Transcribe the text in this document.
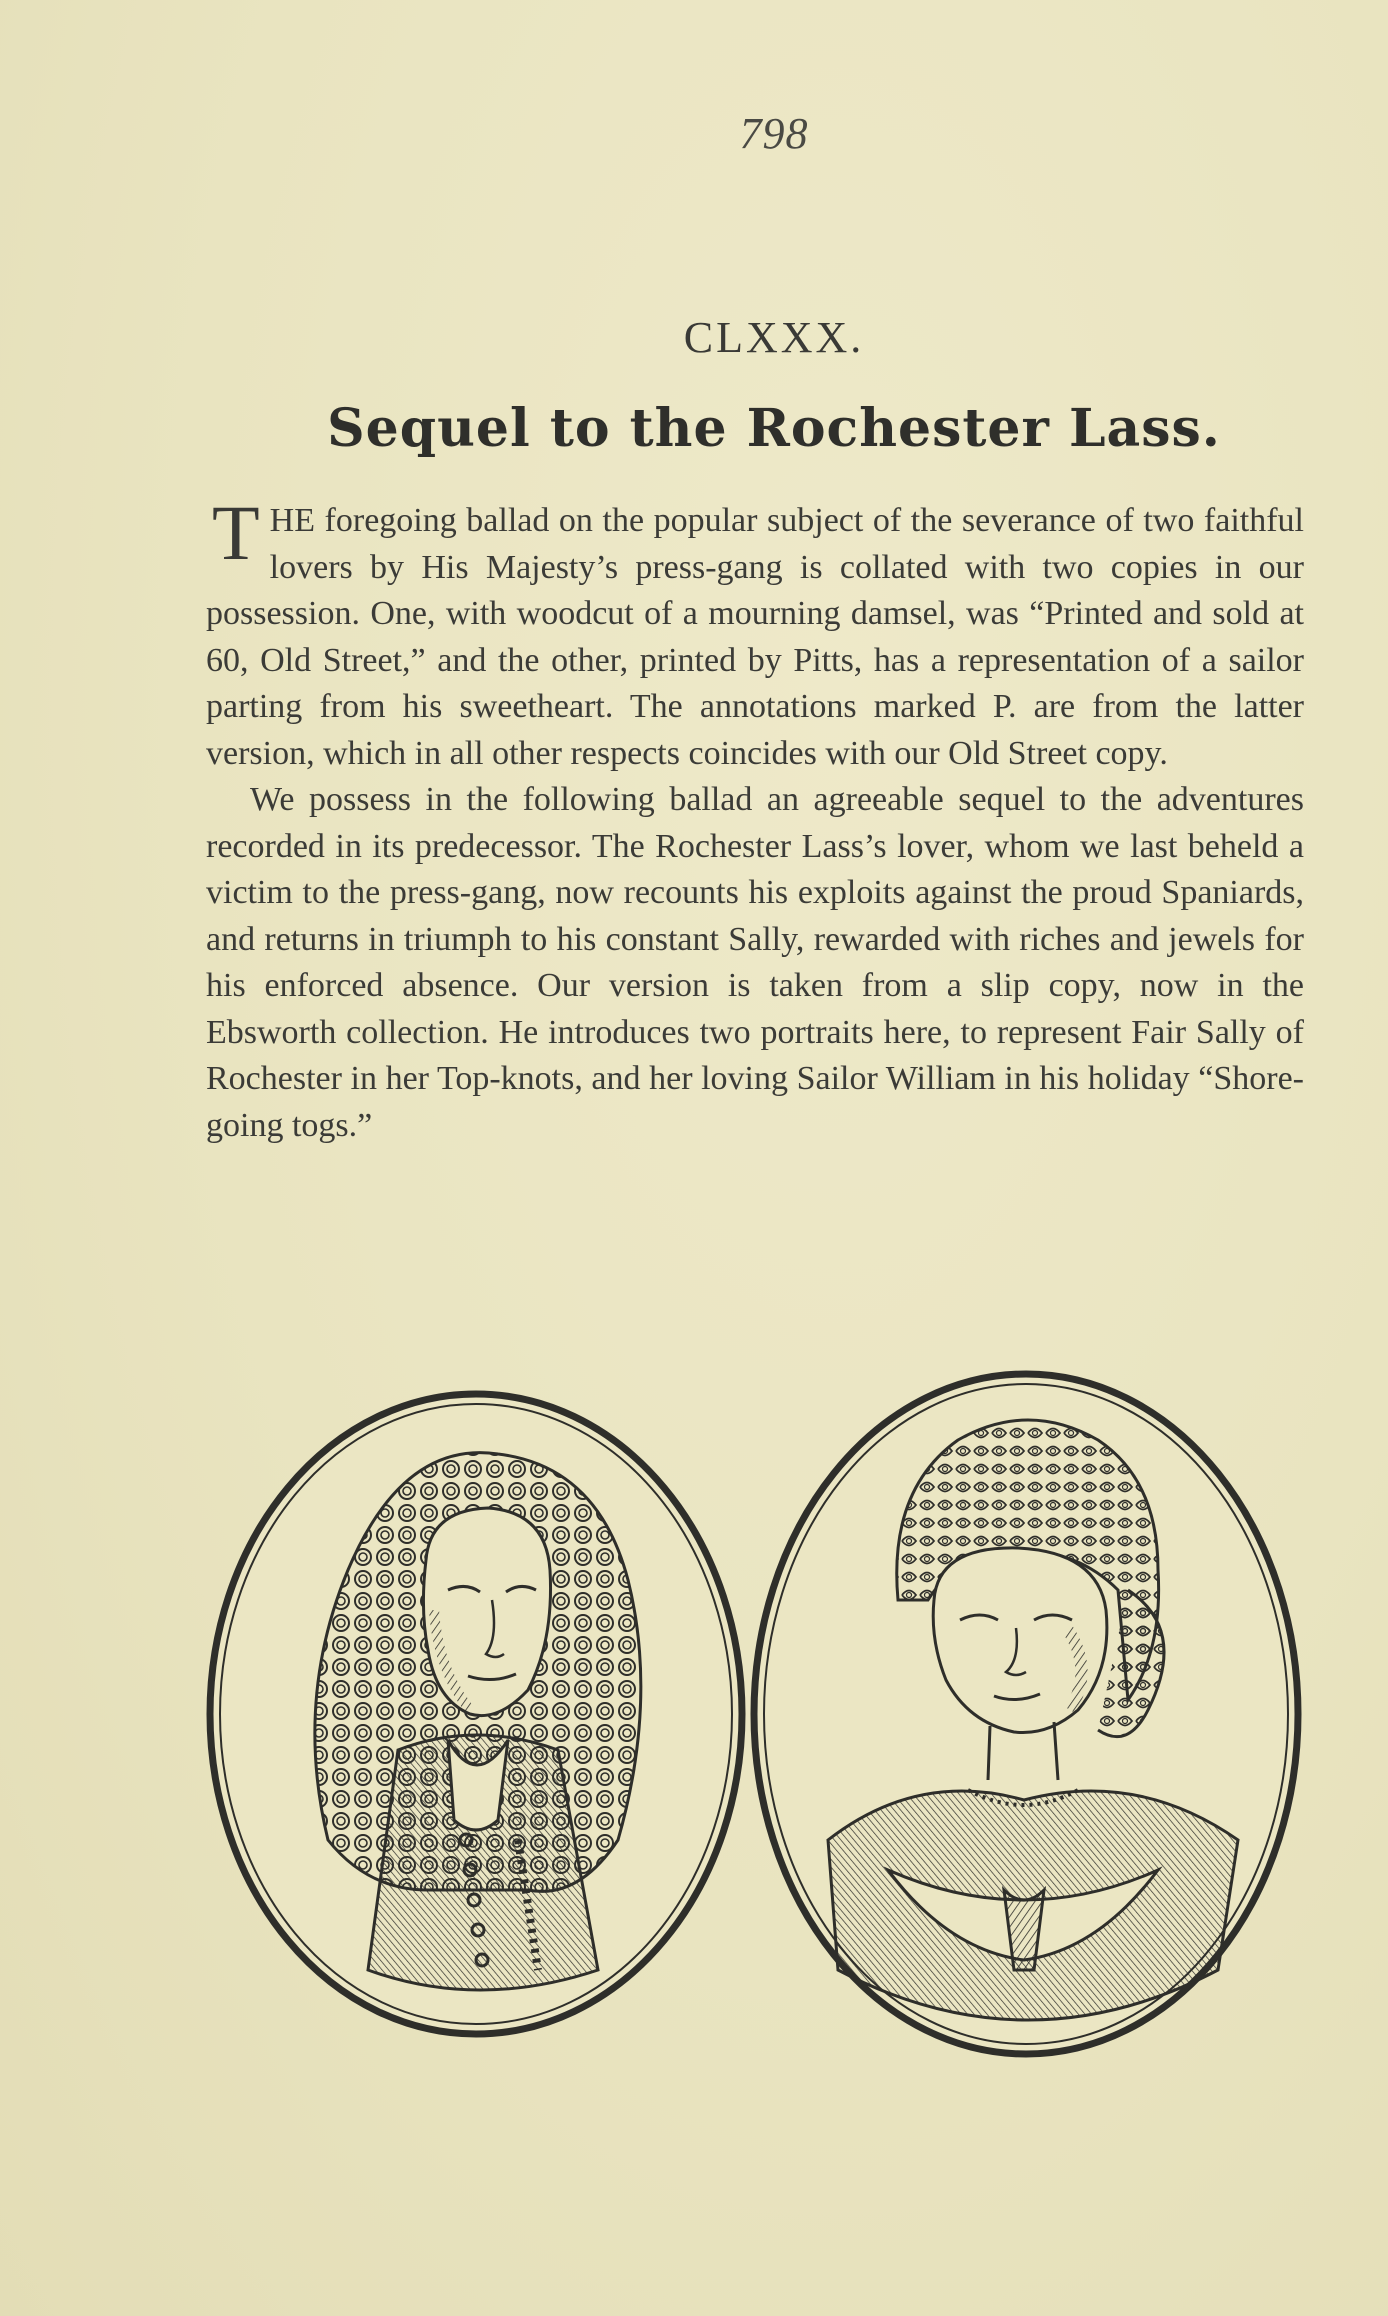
798
CLXXX.
Sequel to the Rochester Lass.

THE foregoing ballad on the popular subject of the severance of two faithful lovers by His Majesty’s press-gang is collated with two copies in our possession. One, with woodcut of a mourning damsel, was “Printed and sold at 60, Old Street,” and the other, printed by Pitts, has a representation of a sailor parting from his sweetheart. The annotations marked P. are from the latter version, which in all other respects coincides with our Old Street copy.

We possess in the following ballad an agreeable sequel to the adventures recorded in its predecessor. The Rochester Lass’s lover, whom we last beheld a victim to the press-gang, now recounts his exploits against the proud Spaniards, and returns in triumph to his constant Sally, rewarded with riches and jewels for his enforced absence. Our version is taken from a slip copy, now in the Ebsworth collection. He introduces two portraits here, to represent Fair Sally of Rochester in her Top-knots, and her loving Sailor William in his holiday “Shore-going togs.”
